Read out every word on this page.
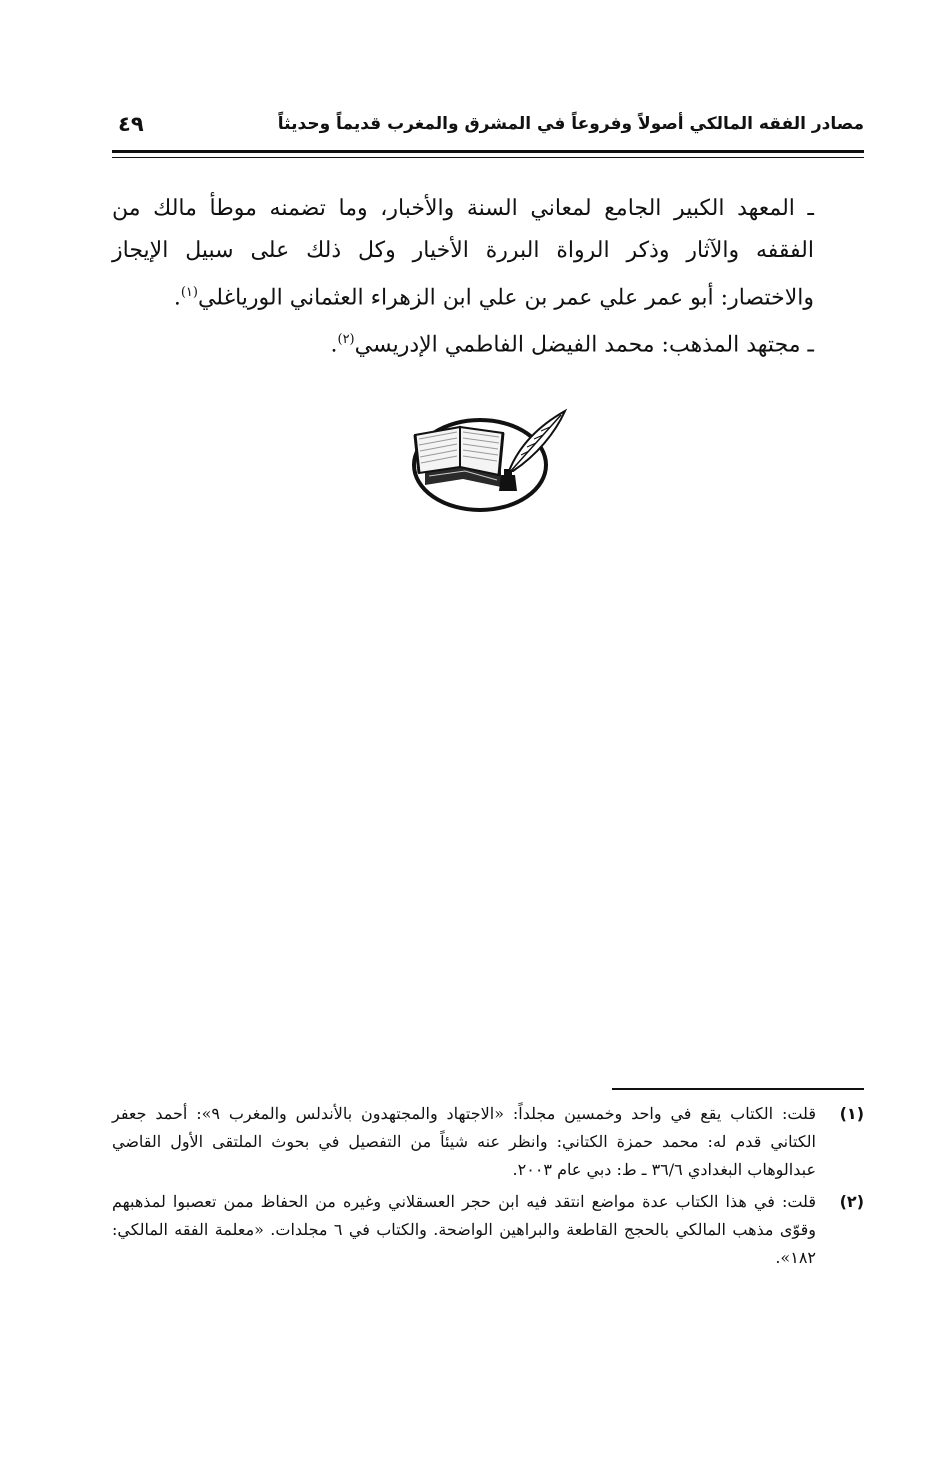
مصادر الفقه المالكي أصولاً وفروعاً في المشرق والمغرب قديماً وحديثاً
٤٩

ـ المعهد الكبير الجامع لمعاني السنة والأخبار، وما تضمنه موطأ مالك من الفقفه والآثار وذكر الرواة البررة الأخيار وكل ذلك على سبيل الإيجاز والاختصار: أبو عمر علي عمر بن علي ابن الزهراء العثماني الورياغلي$^{(١)}$.

ـ مجتهد المذهب: محمد الفيضل الفاطمي الإدريسي$^{(٢)}$.

(١)
قلت: الكتاب يقع في واحد وخمسين مجلداً: «الاجتهاد والمجتهدون بالأندلس والمغرب ٩»: أحمد جعفر الكتاني قدم له: محمد حمزة الكتاني: وانظر عنه شيئاً من التفصيل في بحوث الملتقى الأول القاضي عبدالوهاب البغدادي ٣٦/٦ ـ ط: دبي عام ٢٠٠٣.
(٢)
قلت: في هذا الكتاب عدة مواضع انتقد فيه ابن حجر العسقلاني وغيره من الحفاظ ممن تعصبوا لمذهبهم وقوّى مذهب المالكي بالحجج القاطعة والبراهين الواضحة. والكتاب في ٦ مجلدات. «معلمة الفقه المالكي: ١٨٢».
